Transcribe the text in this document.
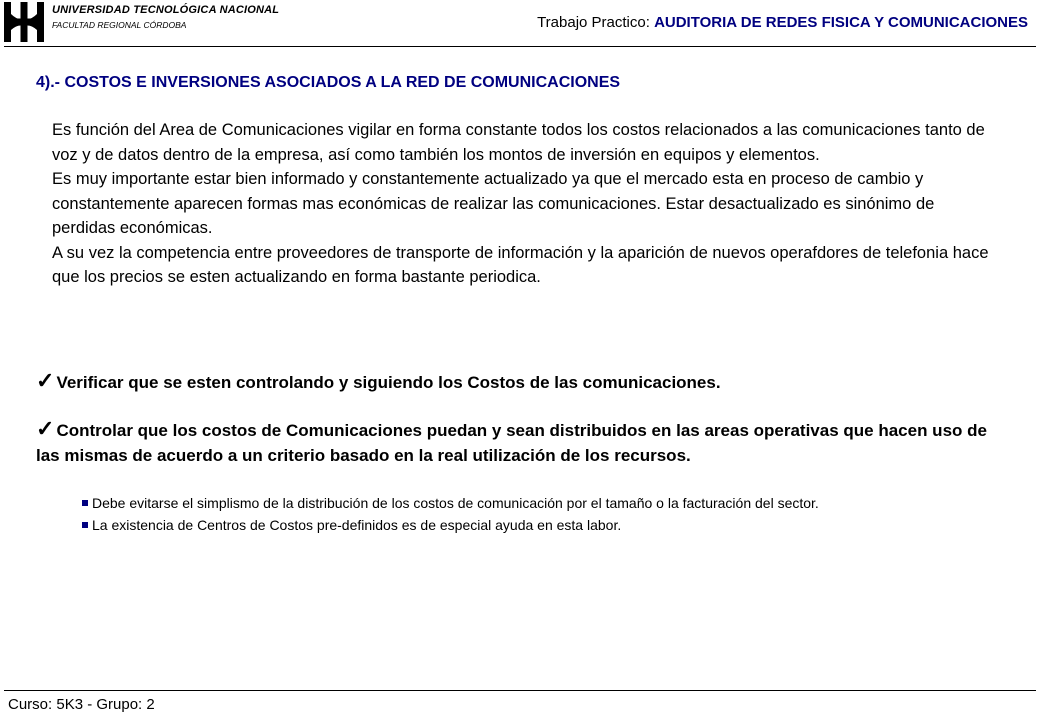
UNIVERSIDAD TECNOLÓGICA NACIONAL
FACULTAD REGIONAL CÓRDOBA	Trabajo Practico: AUDITORIA DE REDES FISICA Y COMUNICACIONES
4).- COSTOS E INVERSIONES ASOCIADOS A LA RED DE COMUNICACIONES

Es función del Area de Comunicaciones vigilar en forma constante todos los costos relacionados a las comunicaciones tanto de voz y de datos dentro de la empresa, así como también los montos de inversión en equipos y elementos.

Es muy importante estar bien informado y constantemente actualizado ya que el mercado esta en proceso de cambio y constantemente aparecen formas mas económicas de realizar las comunicaciones. Estar desactualizado es sinónimo de perdidas económicas.

A su vez la competencia entre proveedores de transporte de información y la aparición de nuevos operafdores de telefonia hace que los precios se esten actualizando en forma bastante periodica.

✓ Verificar que se esten controlando y siguiendo los Costos de las comunicaciones.
✓ Controlar que los costos de Comunicaciones puedan y sean distribuidos en las areas operativas que hacen uso de las mismas de acuerdo a un criterio basado en la real utilización de los recursos.
Debe evitarse el simplismo de la distribución de los costos de comunicación por el tamaño o la facturación del sector.
La existencia de Centros de Costos pre-definidos es de especial ayuda en esta labor.
Curso: 5K3 - Grupo: 2
